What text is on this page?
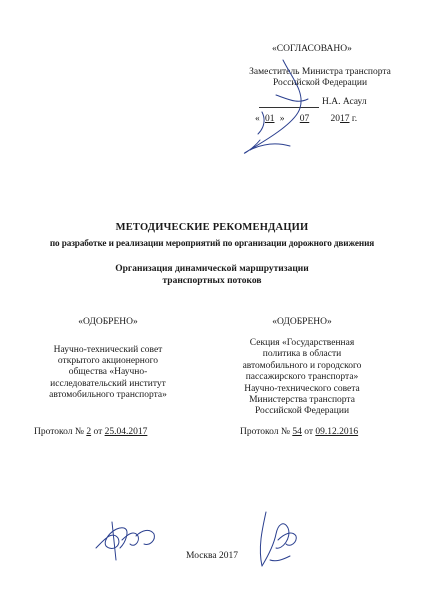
«СОГЛАСОВАНО»
Заместитель Министра транспорта
Российской Федерации
Н.А. Асаул
« 01 » 07 2017 г.
МЕТОДИЧЕСКИЕ РЕКОМЕНДАЦИИ
по разработке и реализации мероприятий по организации дорожного движения
Организация динамической маршрутизации
транспортных потоков
«ОДОБРЕНО»
Научно-технический совет
открытого акционерного
общества «Научно-
исследовательский институт
автомобильного транспорта»
Протокол № 2 от 25.04.2017
«ОДОБРЕНО»
Секция «Государственная
политика в области
автомобильного и городского
пассажирского транспорта»
Научно-технического совета
Министерства транспорта
Российской Федерации
Протокол № 54 от 09.12.2016
Москва 2017
